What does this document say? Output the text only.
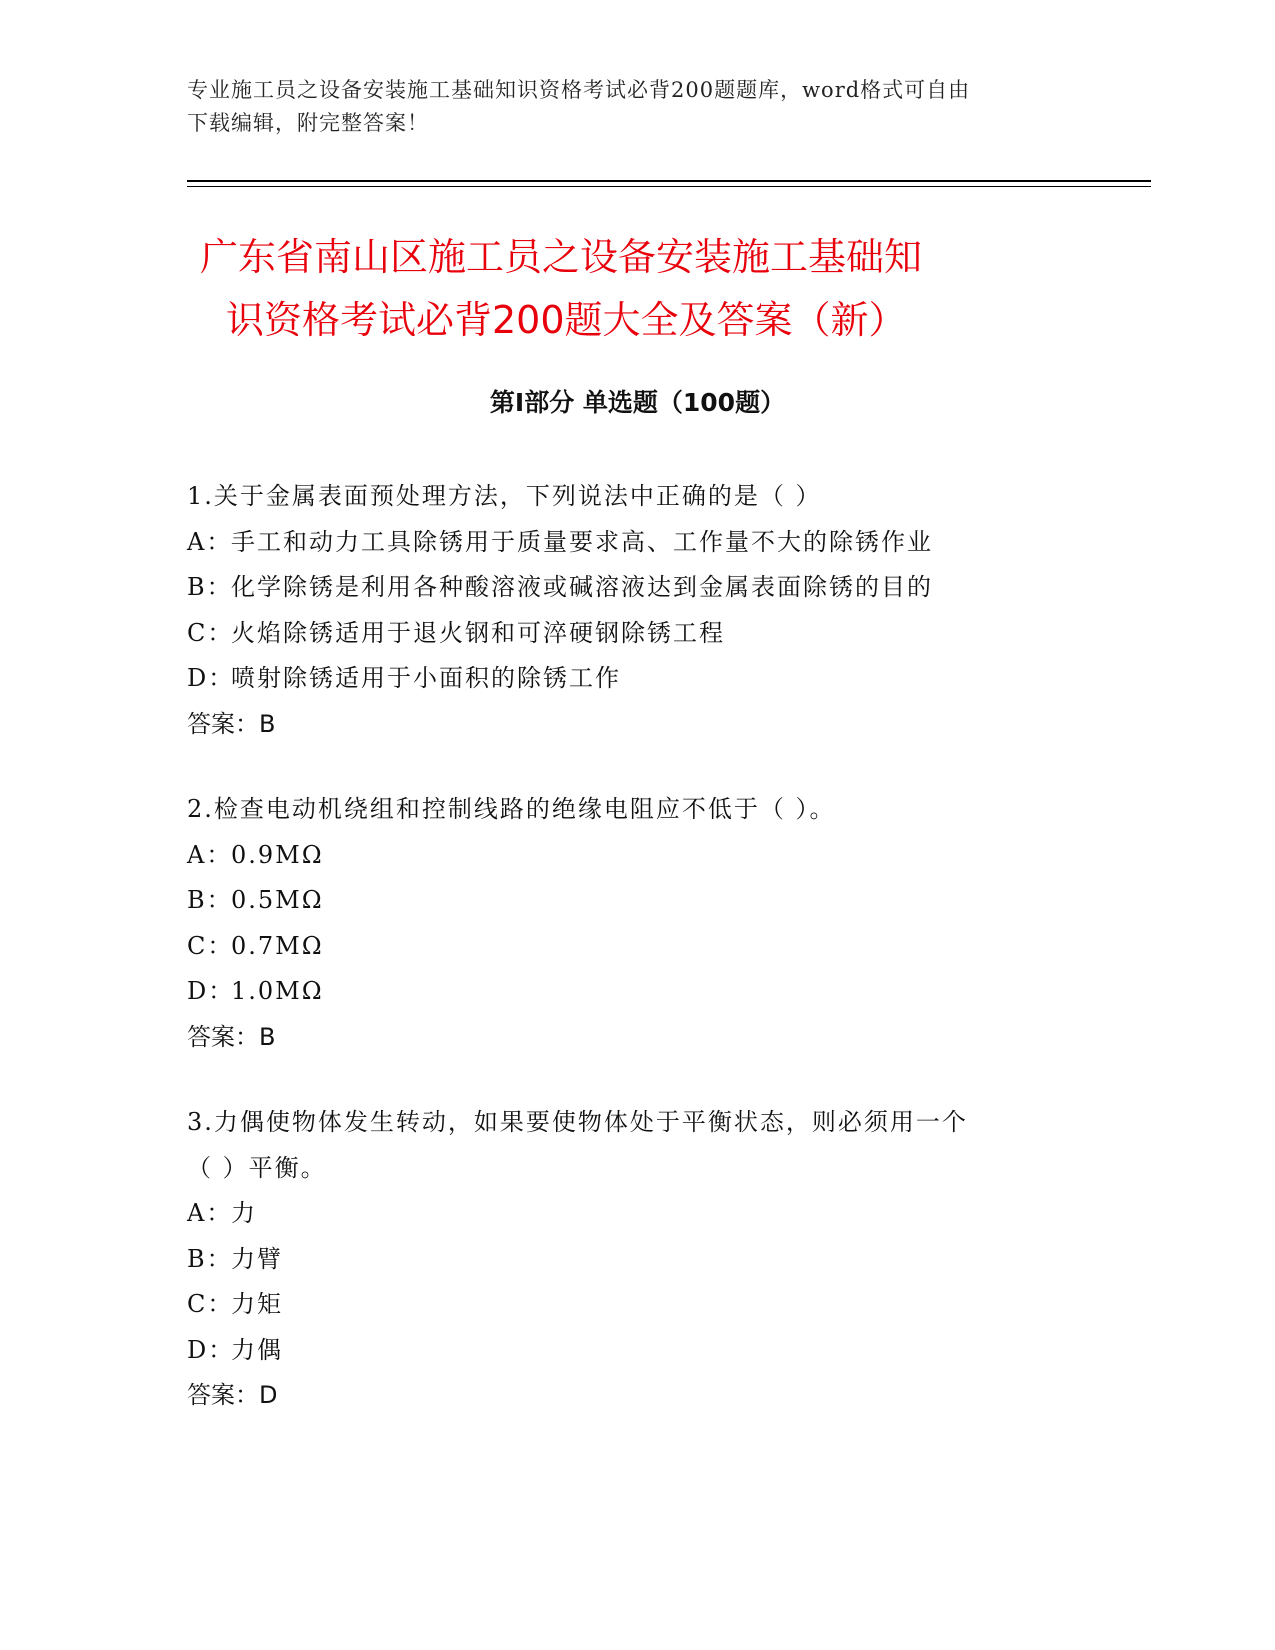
专业施工员之设备安装施工基础知识资格考试必背200题题库，word格式可自由
下载编辑，附完整答案！
广东省南山区施工员之设备安装施工基础知
识资格考试必背200题大全及答案（新）
第Ⅰ部分 单选题（100题）

1.关于金属表面预处理方法，下列说法中正确的是（ ）

A：手工和动力工具除锈用于质量要求高、工作量不大的除锈作业

B：化学除锈是利用各种酸溶液或碱溶液达到金属表面除锈的目的

C：火焰除锈适用于退火钢和可淬硬钢除锈工程

D：喷射除锈适用于小面积的除锈工作

答案：B

2.检查电动机绕组和控制线路的绝缘电阻应不低于（ ）。

A：0.9MΩ

B：0.5MΩ

C：0.7MΩ

D：1.0MΩ

答案：B

3.力偶使物体发生转动，如果要使物体处于平衡状态，则必须用一个

（ ）平衡。

A：力

B：力臂

C：力矩

D：力偶

答案：D
